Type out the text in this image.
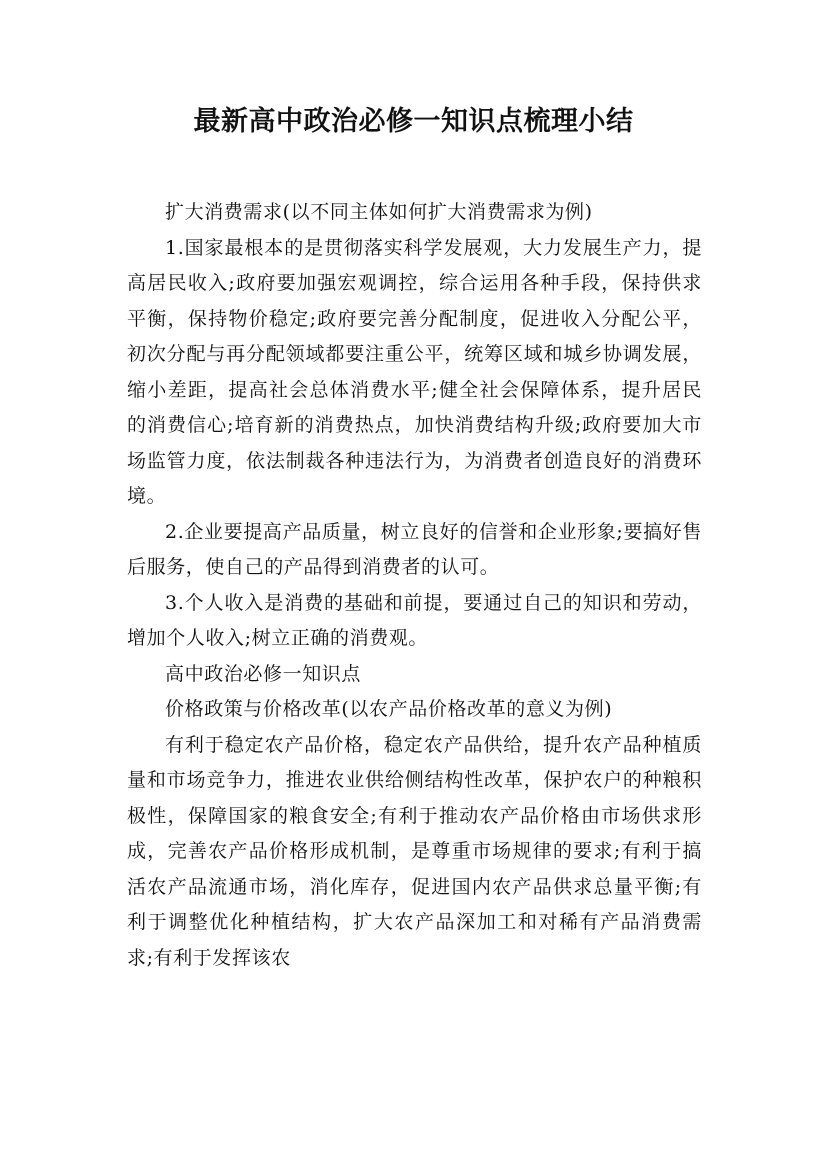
最新高中政治必修一知识点梳理小结

扩大消费需求(以不同主体如何扩大消费需求为例)

1.国家最根本的是贯彻落实科学发展观，大力发展生产力，提高居民收入;政府要加强宏观调控，综合运用各种手段，保持供求平衡，保持物价稳定;政府要完善分配制度，促进收入分配公平，初次分配与再分配领域都要注重公平，统筹区域和城乡协调发展，缩小差距，提高社会总体消费水平;健全社会保障体系，提升居民的消费信心;培育新的消费热点，加快消费结构升级;政府要加大市场监管力度，依法制裁各种违法行为，为消费者创造良好的消费环境。

2.企业要提高产品质量，树立良好的信誉和企业形象;要搞好售后服务，使自己的产品得到消费者的认可。

3.个人收入是消费的基础和前提，要通过自己的知识和劳动，增加个人收入;树立正确的消费观。

高中政治必修一知识点

价格政策与价格改革(以农产品价格改革的意义为例)

有利于稳定农产品价格，稳定农产品供给，提升农产品种植质量和市场竞争力，推进农业供给侧结构性改革，保护农户的种粮积极性，保障国家的粮食安全;有利于推动农产品价格由市场供求形成，完善农产品价格形成机制，是尊重市场规律的要求;有利于搞活农产品流通市场，消化库存，促进国内农产品供求总量平衡;有利于调整优化种植结构，扩大农产品深加工和对稀有产品消费需求;有利于发挥该农
